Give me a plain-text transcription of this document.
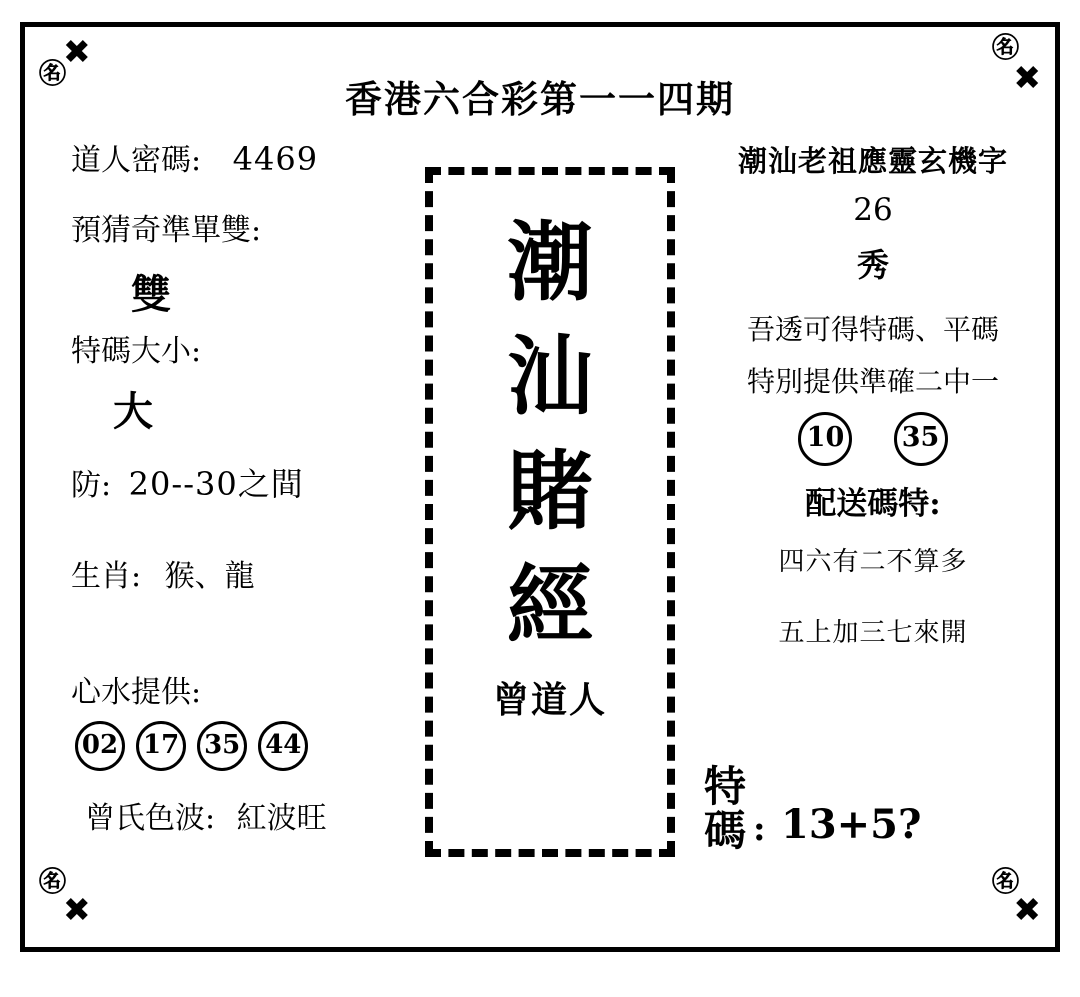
㊔
✖	㊔
✖
㊔
✖
㊔
✖
香港六合彩第一一四期
道人密碼: 4469
預猜奇準單雙:
雙
特碼大小:
大
防: 20--30之間
生肖: 猴、龍
心水提供:
02 17 35 44
曾氏色波: 紅波旺
潮
汕
賭
經
曾道人
潮汕老祖應靈玄機字
26
秀
吾透可得特碼、平碼
特別提供準確二中一
10 35
配送碼特:
四六有二不算多
五上加三七來開
特
碼 : 13+5?
